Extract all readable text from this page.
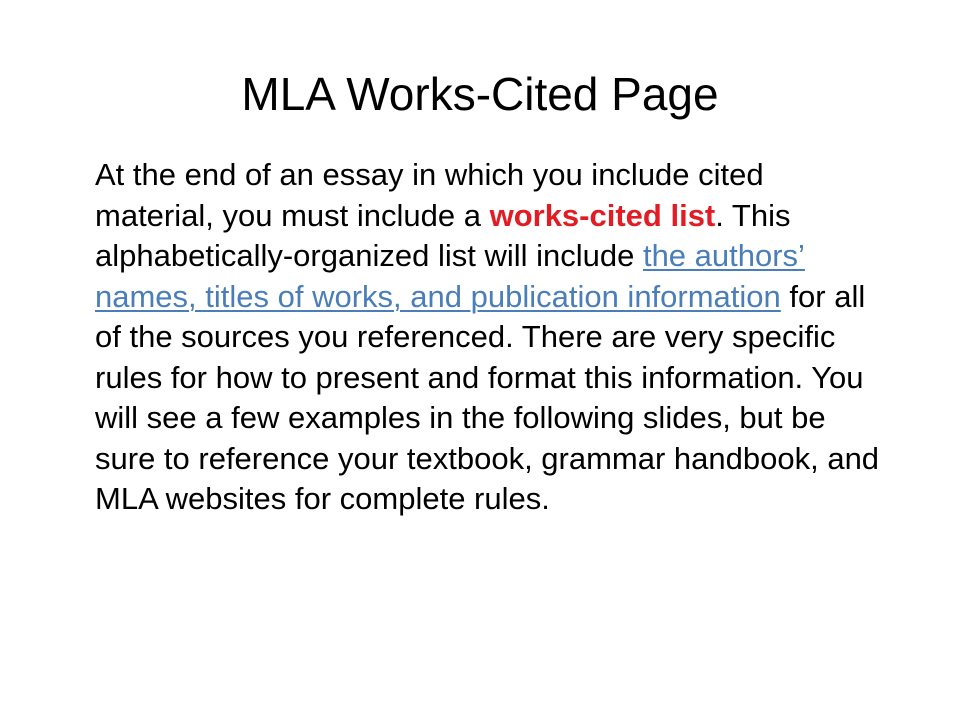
MLA Works-Cited Page

At the end of an essay in which you include cited material, you must include a works-cited list. This alphabetically-organized list will include the authors’ names, titles of works, and publication information for all of the sources you referenced. There are very specific rules for how to present and format this information. You will see a few examples in the following slides, but be sure to reference your textbook, grammar handbook, and MLA websites for complete rules.
